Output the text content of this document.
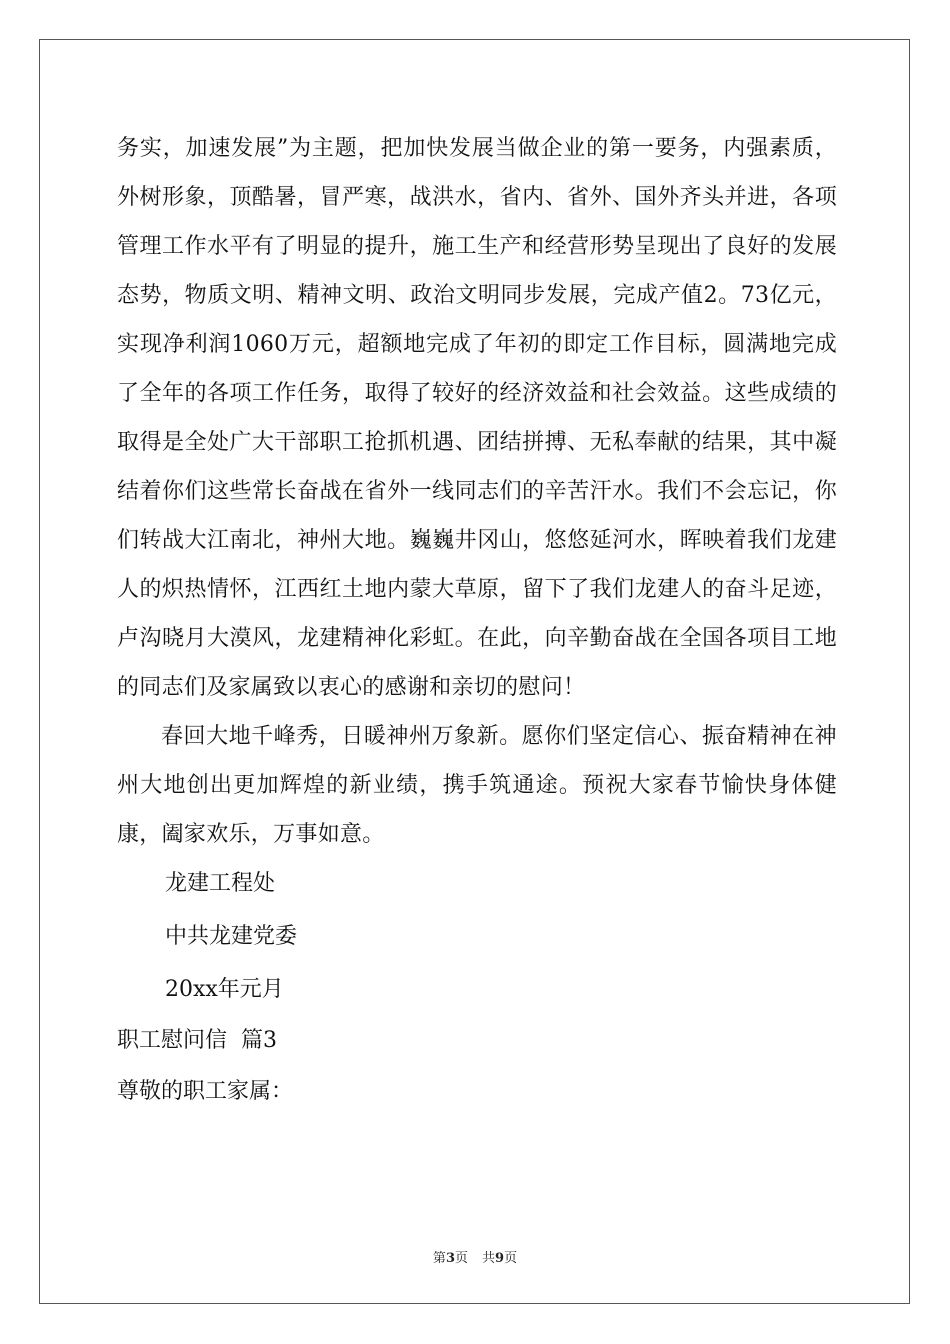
务实，加速发展”为主题，把加快发展当做企业的第一要务，内强素质，外树形象，顶酷暑，冒严寒，战洪水，省内、省外、国外齐头并进，各项管理工作水平有了明显的提升，施工生产和经营形势呈现出了良好的发展态势，物质文明、精神文明、政治文明同步发展，完成产值2。73亿元，实现净利润1060万元，超额地完成了年初的即定工作目标，圆满地完成了全年的各项工作任务，取得了较好的经济效益和社会效益。这些成绩的取得是全处广大干部职工抢抓机遇、团结拼搏、无私奉献的结果，其中凝结着你们这些常长奋战在省外一线同志们的辛苦汗水。我们不会忘记，你们转战大江南北，神州大地。巍巍井冈山，悠悠延河水，晖映着我们龙建人的炽热情怀，江西红土地内蒙大草原，留下了我们龙建人的奋斗足迹，卢沟晓月大漠风，龙建精神化彩虹。在此，向辛勤奋战在全国各项目工地的同志们及家属致以衷心的感谢和亲切的慰问！

春回大地千峰秀，日暖神州万象新。愿你们坚定信心、振奋精神在神州大地创出更加辉煌的新业绩，携手筑通途。预祝大家春节愉快身体健康，阖家欢乐，万事如意。

龙建工程处

中共龙建党委

20xx年元月

职工慰问信  篇3

尊敬的职工家属：

第3页 共9页
